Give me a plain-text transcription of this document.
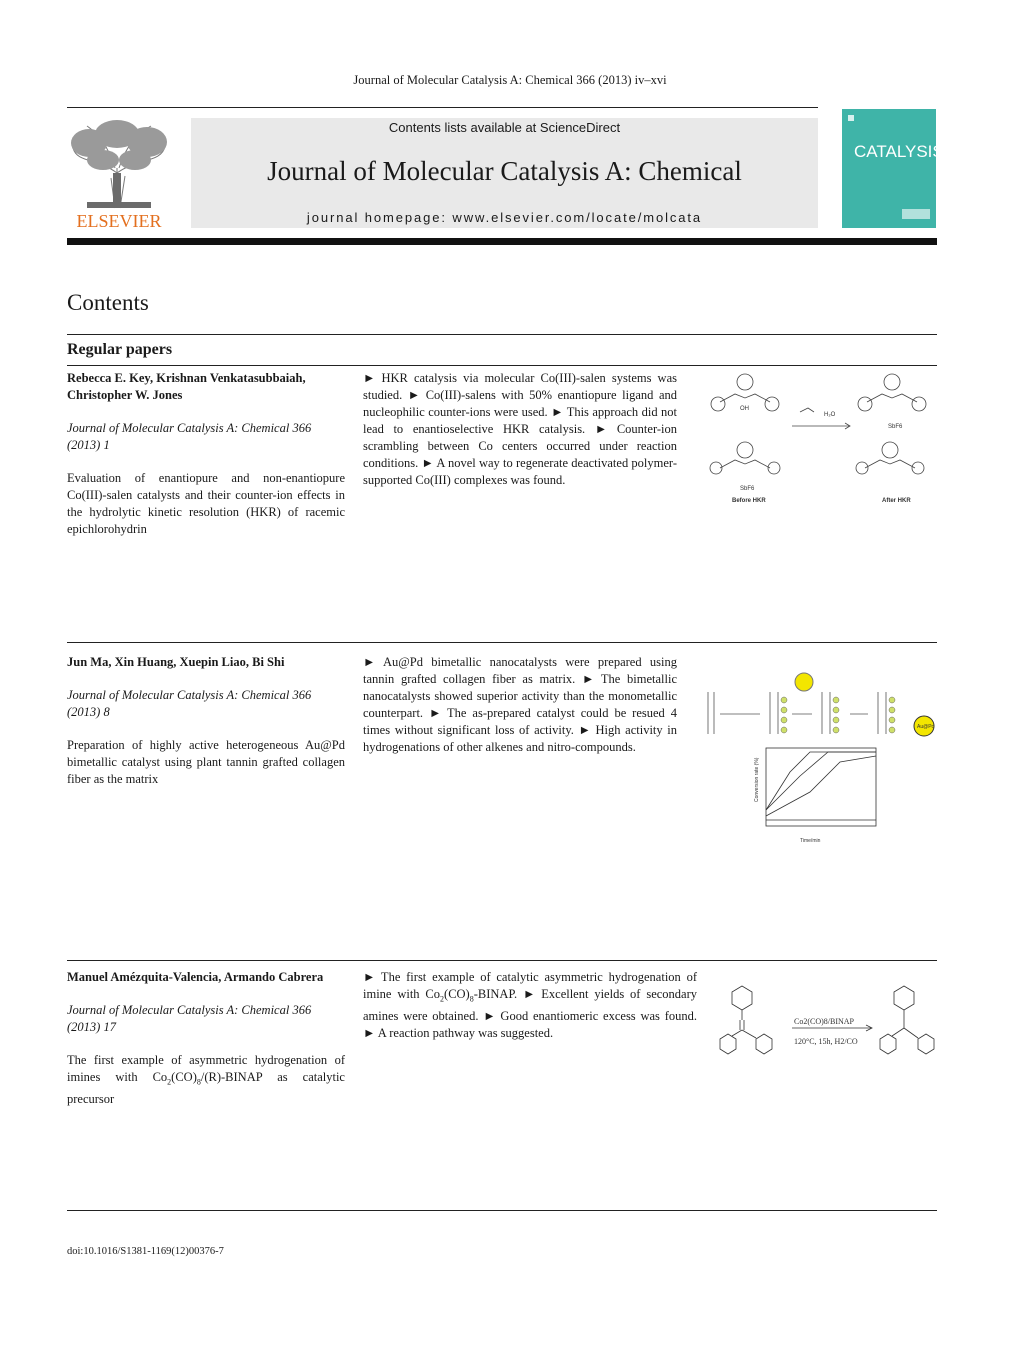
Journal of Molecular Catalysis A: Chemical 366 (2013) iv–xvi
ELSEVIER
Contents lists available at ScienceDirect
Journal of Molecular Catalysis A: Chemical
journal homepage: www.elsevier.com/locate/molcata
CATALYSIS
Contents
Regular papers

Rebecca E. Key, Krishnan Venkatasubbaiah, Christopher W. Jones

Journal of Molecular Catalysis A: Chemical 366 (2013) 1

Evaluation of enantiopure and non-enantiopure Co(III)-salen catalysts and their counter-ion effects in the hydrolytic kinetic resolution (HKR) of racemic epichlorohydrin

► HKR catalysis via molecular Co(III)-salen systems was studied. ► Co(III)-salens with 50% enantiopure ligand and nucleophilic counter-ions were used. ► This approach did not lead to enantioselective HKR catalysis. ► Counter-ion scrambling between Co centers occurred under reaction conditions. ► A novel way to regenerate deactivated polymer-supported Co(III) complexes was found.
H₂O
OH
SbF6
SbF6
Before HKR	After HKR

Jun Ma, Xin Huang, Xuepin Liao, Bi Shi

Journal of Molecular Catalysis A: Chemical 366 (2013) 8

Preparation of highly active heterogeneous Au@Pd bimetallic catalyst using plant tannin grafted collagen fiber as the matrix

► Au@Pd bimetallic nanocatalysts were prepared using tannin grafted collagen fiber as matrix. ► The bimetallic nanocatalysts showed superior activity than the monometallic counterpart. ► The as-prepared catalyst could be resued 4 times without significant loss of activity. ► High activity in hydrogenations of other alkenes and nitro-compounds.
Au@Pd
Time/min
Conversion rate (%)

Manuel Amézquita-Valencia, Armando Cabrera

Journal of Molecular Catalysis A: Chemical 366 (2013) 17

The first example of asymmetric hydrogenation of imines with $Co_2(CO)_8/(R)$-BINAP as catalytic precursor

► The first example of catalytic asymmetric hydrogenation of imine with $Co_2(CO)_8$-BINAP. ► Excellent yields of secondary amines were obtained. ► Good enantiomeric excess was found. ► A reaction pathway was suggested.
Co2(CO)8/BINAP
120°C, 15h, H2/CO
doi:10.1016/S1381-1169(12)00376-7
